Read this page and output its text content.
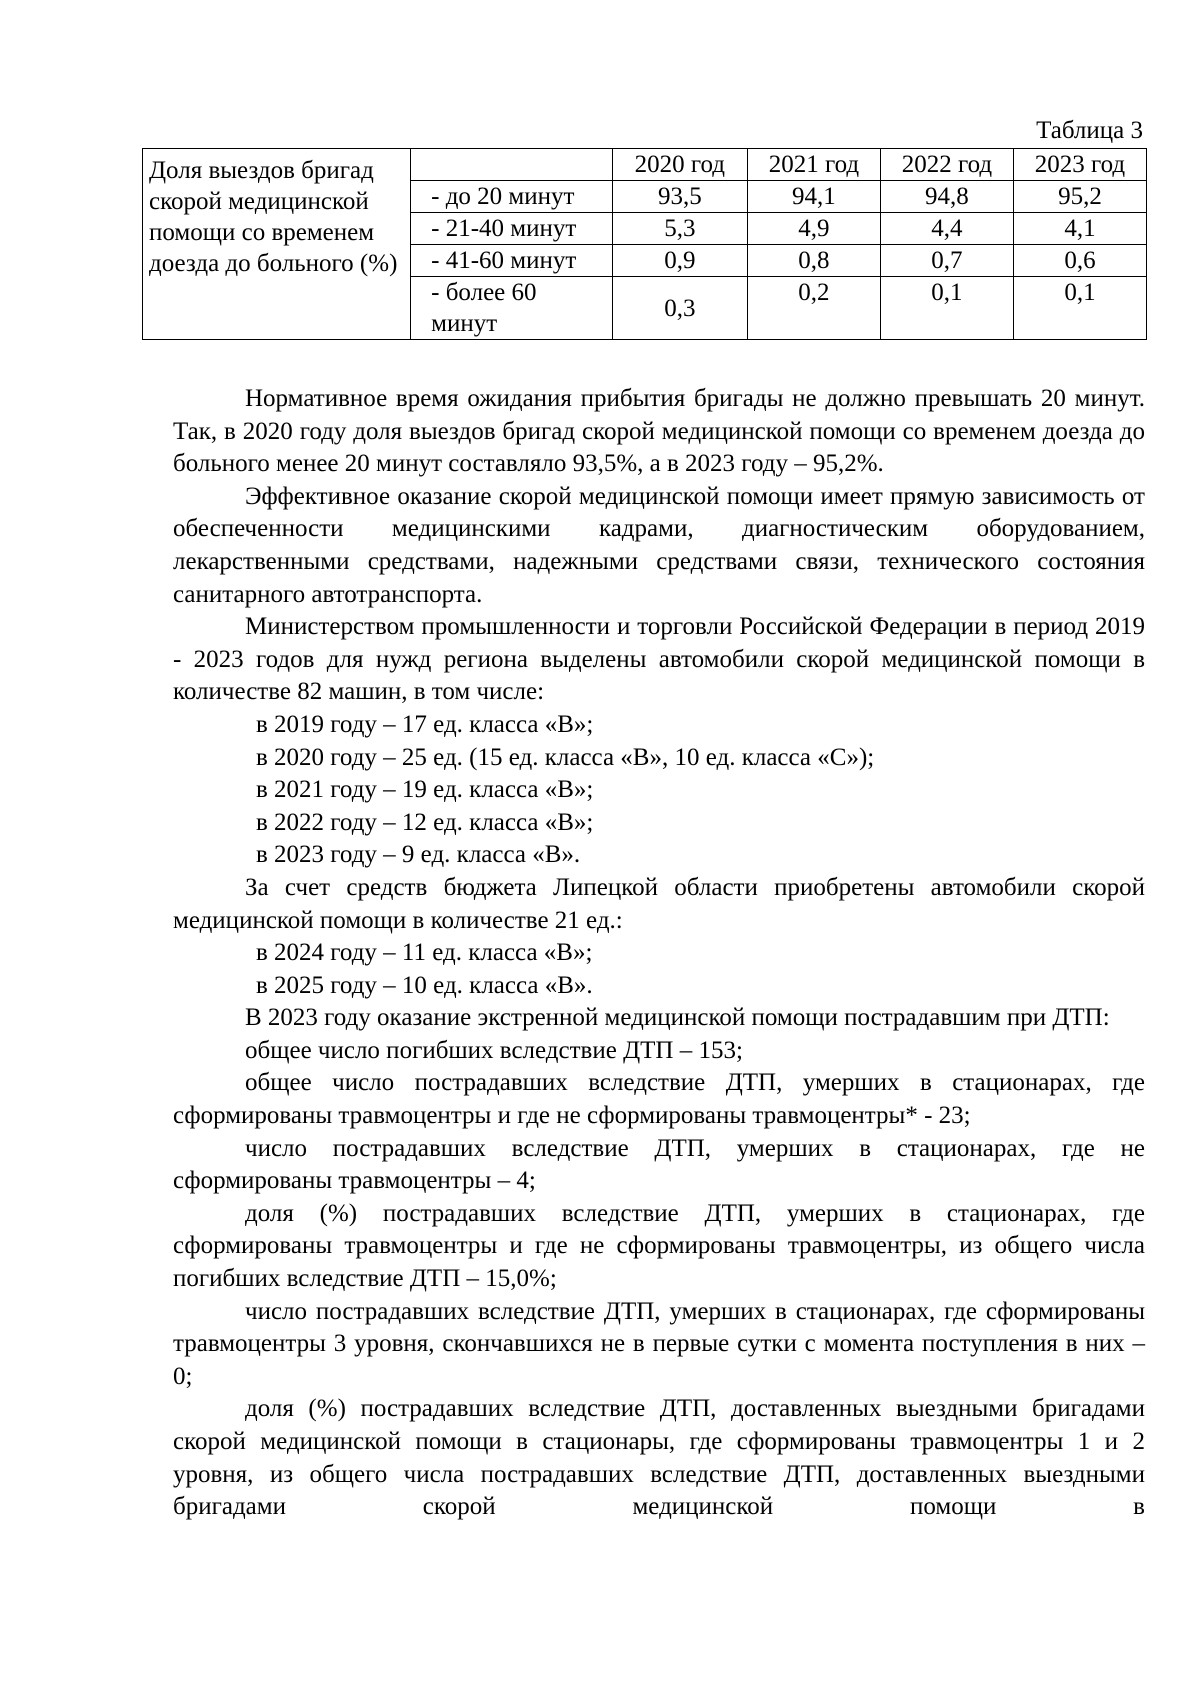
Таблица 3
Доля выездов бригад скорой медицинской помощи со временем доезда до больного (%)		2020 год	2021 год	2022 год	2023 год
	- до 20 минут	93,5	94,1	94,8	95,2
	- 21-40 минут	5,3	4,9	4,4	4,1
	- 41-60 минут	0,9	0,8	0,7	0,6
	- более 60 минут	0,3	0,2	0,1	0,1

Нормативное время ожидания прибытия бригады не должно превышать 20 минут. Так, в 2020 году доля выездов бригад скорой медицинской помощи со временем доезда до больного менее 20 минут составляло 93,5%, а в 2023 году – 95,2%.

Эффективное оказание скорой медицинской помощи имеет прямую зависимость от обеспеченности медицинскими кадрами, диагностическим оборудованием, лекарственными средствами, надежными средствами связи, технического состояния санитарного автотранспорта.

Министерством промышленности и торговли Российской Федерации в период 2019 - 2023 годов для нужд региона выделены автомобили скорой медицинской помощи в количестве 82 машин, в том числе:

в 2019 году – 17 ед. класса «В»;

в 2020 году – 25 ед. (15 ед. класса «В», 10 ед. класса «С»);

в 2021 году – 19 ед. класса «В»;

в 2022 году – 12 ед. класса «В»;

в 2023 году – 9 ед. класса «В».

За счет средств бюджета Липецкой области приобретены автомобили скорой медицинской помощи в количестве 21 ед.:

в 2024 году – 11 ед. класса «В»;

в 2025 году – 10 ед. класса «В».

В 2023 году оказание экстренной медицинской помощи пострадавшим при ДТП:

общее число погибших вследствие ДТП – 153;

общее число пострадавших вследствие ДТП, умерших в стационарах, где сформированы травмоцентры и где не сформированы травмоцентры* - 23;

число пострадавших вследствие ДТП, умерших в стационарах, где не сформированы травмоцентры – 4;

доля (%) пострадавших вследствие ДТП, умерших в стационарах, где сформированы травмоцентры и где не сформированы травмоцентры, из общего числа погибших вследствие ДТП – 15,0%;

число пострадавших вследствие ДТП, умерших в стационарах, где сформированы травмоцентры 3 уровня, скончавшихся не в первые сутки с момента поступления в них – 0;

доля (%) пострадавших вследствие ДТП, доставленных выездными бригадами скорой медицинской помощи в стационары, где сформированы травмоцентры 1 и 2 уровня, из общего числа пострадавших вследствие ДТП, доставленных выездными бригадами скорой медицинской помощи в
